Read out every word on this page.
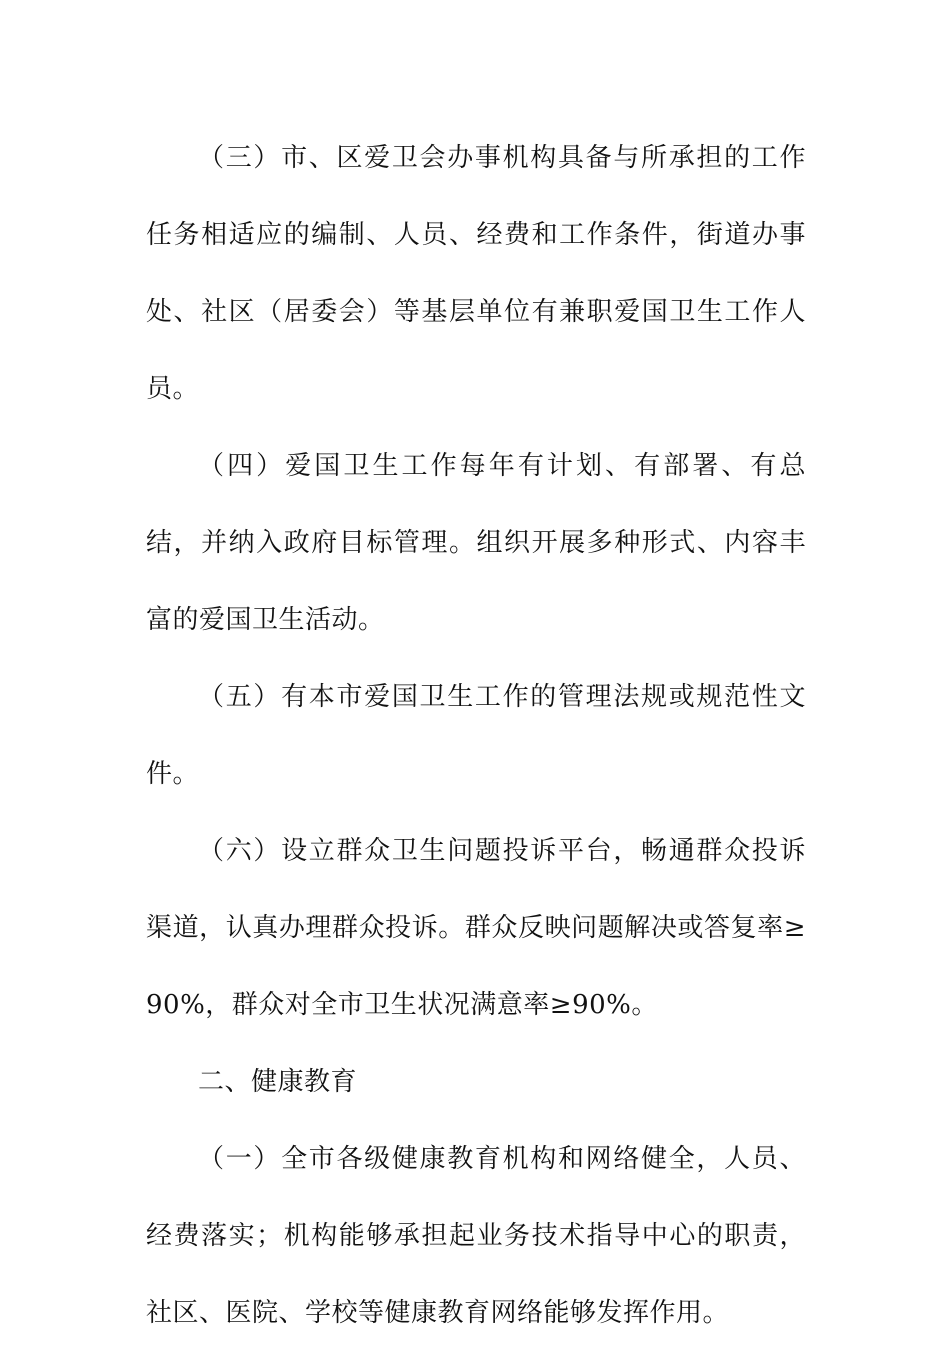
（三）市、区爱卫会办事机构具备与所承担的工作任务相适应的编制、人员、经费和工作条件，街道办事处、社区（居委会）等基层单位有兼职爱国卫生工作人员。

（四）爱国卫生工作每年有计划、有部署、有总结，并纳入政府目标管理。组织开展多种形式、内容丰富的爱国卫生活动。

（五）有本市爱国卫生工作的管理法规或规范性文件。

（六）设立群众卫生问题投诉平台，畅通群众投诉渠道，认真办理群众投诉。群众反映问题解决或答复率≥90%，群众对全市卫生状况满意率≥90%。

二、健康教育

（一）全市各级健康教育机构和网络健全，人员、经费落实；机构能够承担起业务技术指导中心的职责，社区、医院、学校等健康教育网络能够发挥作用。
